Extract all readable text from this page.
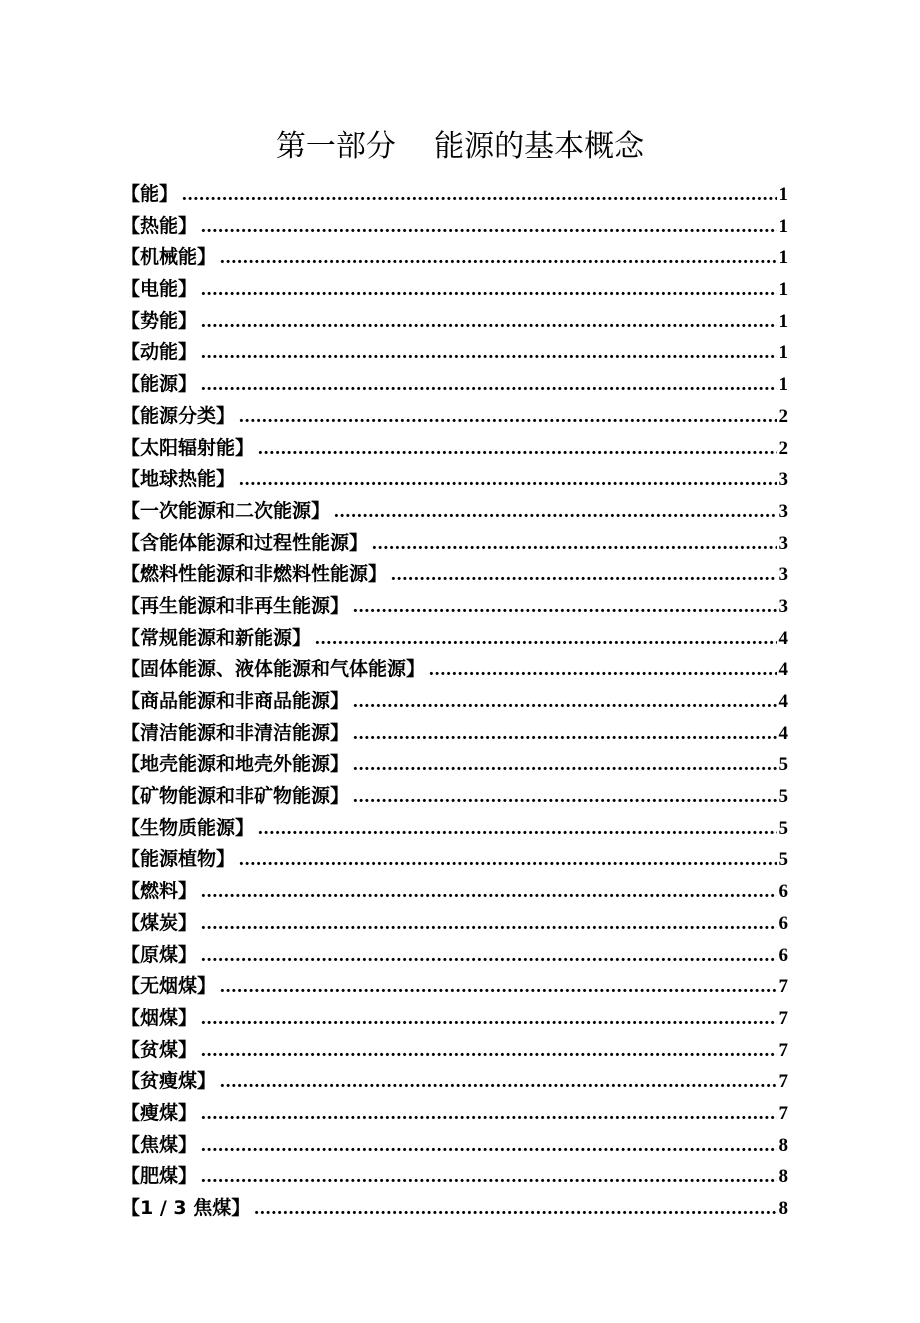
第一部分    能源的基本概念
【能】 .....	1
【热能】 .....	1
【机械能】 .....	1
【电能】 .....	1
【势能】 .....	1
【动能】 .....	1
【能源】 .....	1
【能源分类】 .....	2
【太阳辐射能】 .....	2
【地球热能】 .....	3
【一次能源和二次能源】 .....	3
【含能体能源和过程性能源】 .....	3
【燃料性能源和非燃料性能源】 .....	3
【再生能源和非再生能源】 .....	3
【常规能源和新能源】 .....	4
【固体能源、液体能源和气体能源】 .....	4
【商品能源和非商品能源】 .....	4
【清洁能源和非清洁能源】 .....	4
【地壳能源和地壳外能源】 .....	5
【矿物能源和非矿物能源】 .....	5
【生物质能源】 .....	5
【能源植物】 .....	5
【燃料】 .....	6
【煤炭】 .....	6
【原煤】 .....	6
【无烟煤】 .....	7
【烟煤】 .....	7
【贫煤】 .....	7
【贫瘦煤】 .....	7
【瘦煤】 .....	7
【焦煤】 .....	8
【肥煤】 .....	8
【1 / 3 焦煤】 .....	8
